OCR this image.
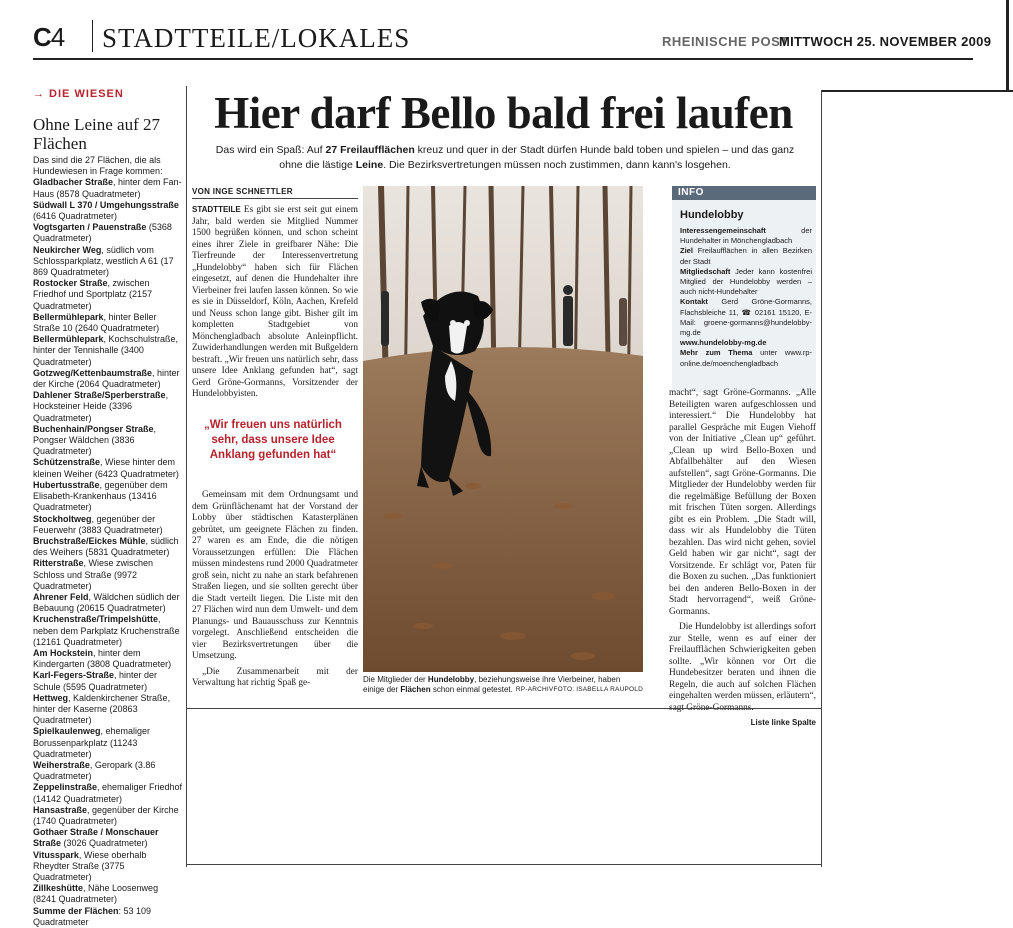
C4 STADTTEILE/LOKALES	RHEINISCHE POST
MITTWOCH 25. NOVEMBER 2009
→ DIE WIESEN
Ohne Leine auf 27 Flächen

Das sind die 27 Flächen, die als Hundewiesen in Frage kommen:

Gladbacher Straße, hinter dem Fan-Haus (8578 Quadratmeter)

Südwall L 370 / Umgehungsstraße (6416 Quadratmeter)

Vogtsgarten / Pauenstraße (5368 Quadratmeter)

Neukircher Weg, südlich vom Schlossparkplatz, westlich A 61 (17 869 Quadratmeter)

Rostocker Straße, zwischen Friedhof und Sportplatz (2157 Quadratmeter)

Bellermühlepark, hinter Beller Straße 10 (2640 Quadratmeter)

Bellermühlepark, Kochschulstraße, hinter der Tennishalle (3400 Quadratmeter)

Gotzweg/Kettenbaumstraße, hinter der Kirche (2064 Quadratmeter)

Dahlener Straße/Sperberstraße, Hocksteiner Heide (3396 Quadratmeter)

Buchenhain/Pongser Straße, Pongser Wäldchen (3836 Quadratmeter)

Schützenstraße, Wiese hinter dem kleinen Weiher (6423 Quadratmeter)

Hubertusstraße, gegenüber dem Elisabeth-Krankenhaus (13416 Quadratmeter)

Stockholtweg, gegenüber der Feuerwehr (3883 Quadratmeter)

Bruchstraße/Eickes Mühle, südlich des Weihers (5831 Quadratmeter)

Ritterstraße, Wiese zwischen Schloss und Straße (9972 Quadratmeter)

Ahrener Feld, Wäldchen südlich der Bebauung (20615 Quadratmeter)

Kruchenstraße/Trimpelshütte, neben dem Parkplatz Kruchenstraße (12161 Quadratmeter)

Am Hockstein, hinter dem Kindergarten (3808 Quadratmeter)

Karl-Fegers-Straße, hinter der Schule (5595 Quadratmeter)

Hettweg, Kaldenkirchener Straße, hinter der Kaserne (20863 Quadratmeter)

Spielkaulenweg, ehemaliger Borussenparkplatz (11243 Quadratmeter)

Weiherstraße, Geropark (3.86 Quadratmeter)

Zeppelinstraße, ehemaliger Friedhof (14142 Quadratmeter)

Hansastraße, gegenüber der Kirche (1740 Quadratmeter)

Gothaer Straße / Monschauer Straße (3026 Quadratmeter)

Vitusspark, Wiese oberhalb Rheydter Straße (3775 Quadratmeter)

Zillkeshütte, Nähe Loosenweg (8241 Quadratmeter)

Summe der Flächen: 53 109 Quadratmeter

Hier darf Bello bald frei laufen
Das wird ein Spaß: Auf 27 Freilaufflächen kreuz und quer in der Stadt dürfen Hunde bald toben und spielen – und das ganz ohne die lästige Leine. Die Bezirksvertretungen müssen noch zustimmen, dann kann's losgehen.
VON INGE SCHNETTLER

STADTTEILE Es gibt sie erst seit gut einem Jahr, bald werden sie Mitglied Nummer 1500 begrüßen können, und schon scheint eines ihrer Ziele in greifbarer Nähe: Die Tierfreunde der Interessenvertretung „Hundelobby“ haben sich für Flächen eingesetzt, auf denen die Hundehalter ihre Vierbeiner frei laufen lassen können. So wie es sie in Düsseldorf, Köln, Aachen, Krefeld und Neuss schon lange gibt. Bisher gilt im kompletten Stadtgebiet von Mönchengladbach absolute Anleinpflicht. Zuwiderhandlungen werden mit Bußgeldern bestraft. „Wir freuen uns natürlich sehr, dass unsere Idee Anklang gefunden hat“, sagt Gerd Gröne-Gormanns, Vorsitzender der Hundelobbyisten.

„Wir freuen uns natürlich sehr, dass unsere Idee Anklang gefunden hat“

Gemeinsam mit dem Ordnungsamt und dem Grünflächenamt hat der Vorstand der Lobby über städtischen Katasterplänen gebrütet, um geeignete Flächen zu finden. 27 waren es am Ende, die die nötigen Voraussetzungen erfüllen: Die Flächen müssen mindestens rund 2000 Quadratmeter groß sein, nicht zu nahe an stark befahrenen Straßen liegen, und sie sollten gerecht über die Stadt verteilt liegen. Die Liste mit den 27 Flächen wird nun dem Umwelt- und dem Planungs- und Bauausschuss zur Kenntnis vorgelegt. Anschließend entscheiden die vier Bezirksvertretungen über die Umsetzung.

„Die Zusammenarbeit mit der Verwaltung hat richtig Spaß ge-	Die Mitglieder der Hundelobby, beziehungsweise ihre Vierbeiner, haben einige der Flächen schon einmal getestet. RP-ARCHIVFOTO: ISABELLA RAUPOLD
INFO
Hundelobby

Interessengemeinschaft der Hundehalter in Mönchengladbach

Ziel Freilaufflächen in allen Bezirken der Stadt

Mitgliedschaft Jeder kann kostenfrei Mitglied der Hundelobby werden – auch nicht-Hundehalter

Kontakt Gerd Gröne-Gormanns, Flachsbleiche 11, ☎ 02161 15120, E-Mail: groene-gormanns@hundelobby-mg.de

www.hundelobby-mg.de

Mehr zum Thema unter www.rp-online.de/moenchengladbach

macht“, sagt Gröne-Gormanns. „Alle Beteiligten waren aufgeschlossen und interessiert.“ Die Hundelobby hat parallel Gespräche mit Eugen Viehoff von der Initiative „Clean up“ geführt. „Clean up wird Bello-Boxen und Abfallbehälter auf den Wiesen aufstellen“, sagt Gröne-Gormanns. Die Mitglieder der Hundelobby werden für die regelmäßige Befüllung der Boxen mit frischen Tüten sorgen. Allerdings gibt es ein Problem. „Die Stadt will, dass wir als Hundelobby die Tüten bezahlen. Das wird nicht gehen, soviel Geld haben wir gar nicht“, sagt der Vorsitzende. Er schlägt vor, Paten für die Boxen zu suchen. „Das funktioniert bei den anderen Bello-Boxen in der Stadt hervorragend“, weiß Gröne-Gormanns.

Die Hundelobby ist allerdings sofort zur Stelle, wenn es auf einer der Freilaufflächen Schwierigkeiten geben sollte. „Wir können vor Ort die Hundebesitzer beraten und ihnen die Regeln, die auch auf solchen Flächen eingehalten werden müssen, erläutern“,

Liste linke Spalte
